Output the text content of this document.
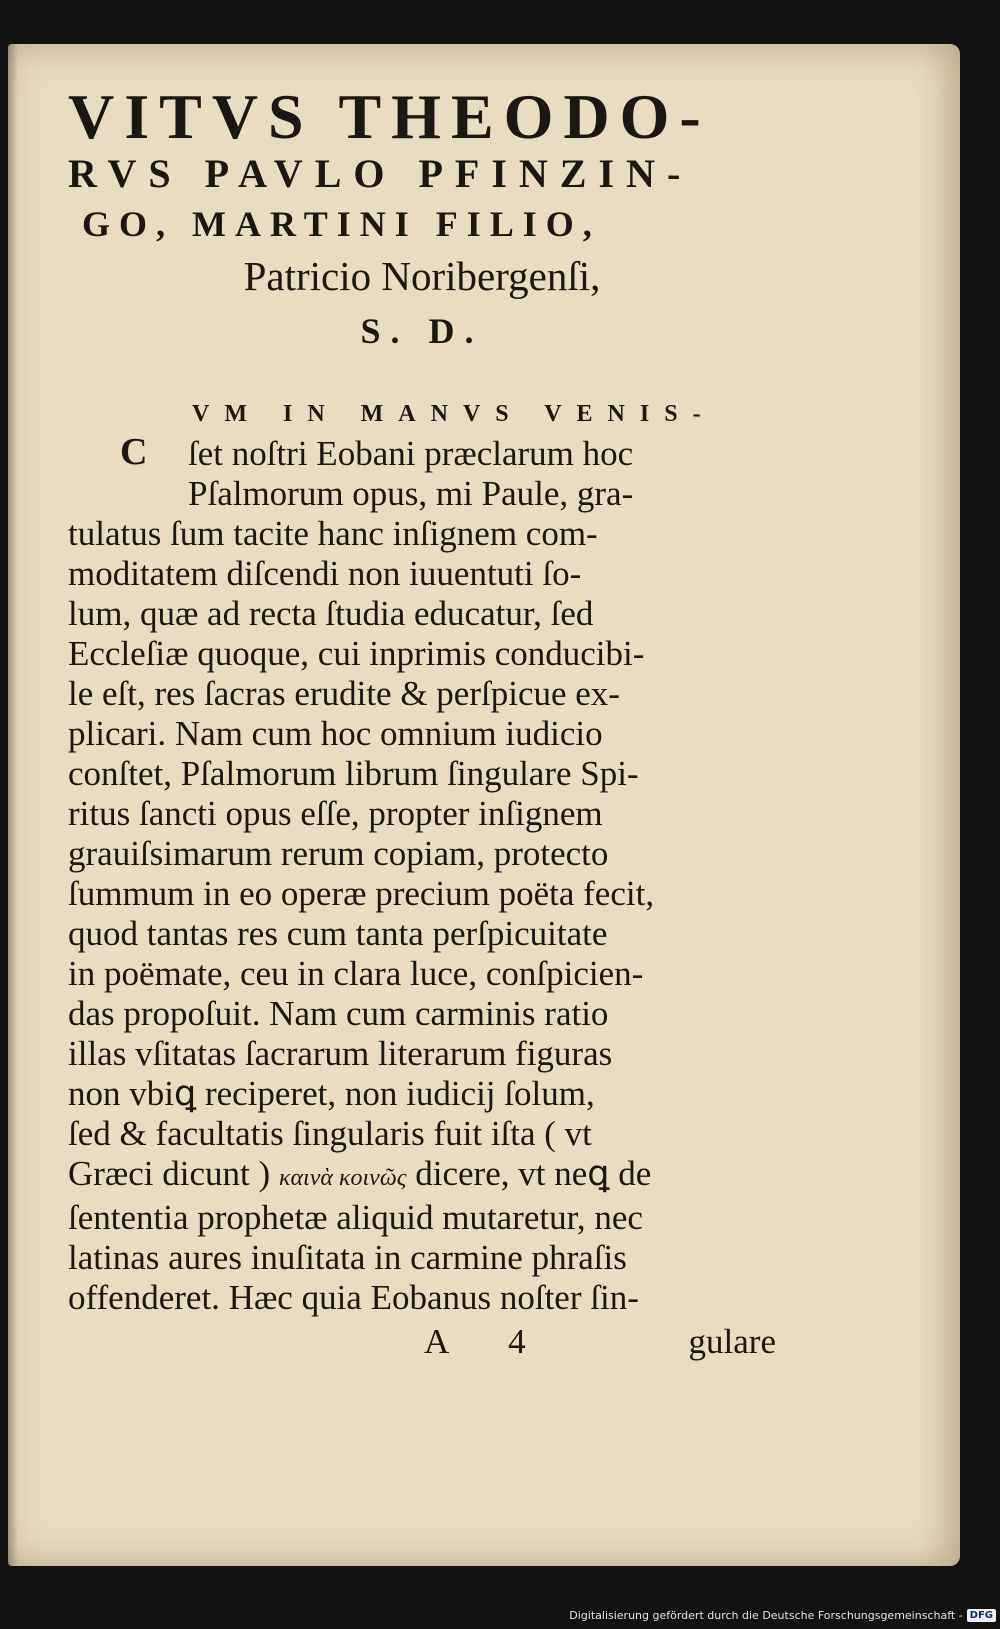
VITVS THEODO-
RVS PAVLO PFINZIN-
GO, MARTINI FILIO,
Patricio Noribergenſi,
S. D.
VM IN MANVS VENIS-
C ſet noſtri Eobani præclarum hoc
Pſalmorum opus, mi Paule, gra-
tulatus ſum tacite hanc inſignem com-
moditatem diſcendi non iuuentuti ſo-
lum, quæ ad recta ſtudia educatur, ſed
Eccleſiæ quoque, cui inprimis conducibi-
le eſt, res ſacras erudite & perſpicue ex-
plicari. Nam cum hoc omnium iudicio
conſtet, Pſalmorum librum ſingulare Spi-
ritus ſancti opus eſſe, propter inſignem
grauiſsimarum rerum copiam, protecto
ſummum in eo operæ precium poëta fecit,
quod tantas res cum tanta perſpicuitate
in poëmate, ceu in clara luce, conſpicien-
das propoſuit. Nam cum carminis ratio
illas vſitatas ſacrarum literarum figuras
non vbiꝗ reciperet, non iudicij ſolum,
ſed & facultatis ſingularis fuit iſta ( vt
Græci dicunt ) καινὰ κοινῶς dicere, vt neꝗ de
ſententia prophetæ aliquid mutaretur, nec
latinas aures inuſitata in carmine phraſis
offenderet. Hæc quia Eobanus noſter ſin-
A 4	gulare
Digitalisierung gefördert durch die Deutsche Forschungsgemeinschaft - DFG
